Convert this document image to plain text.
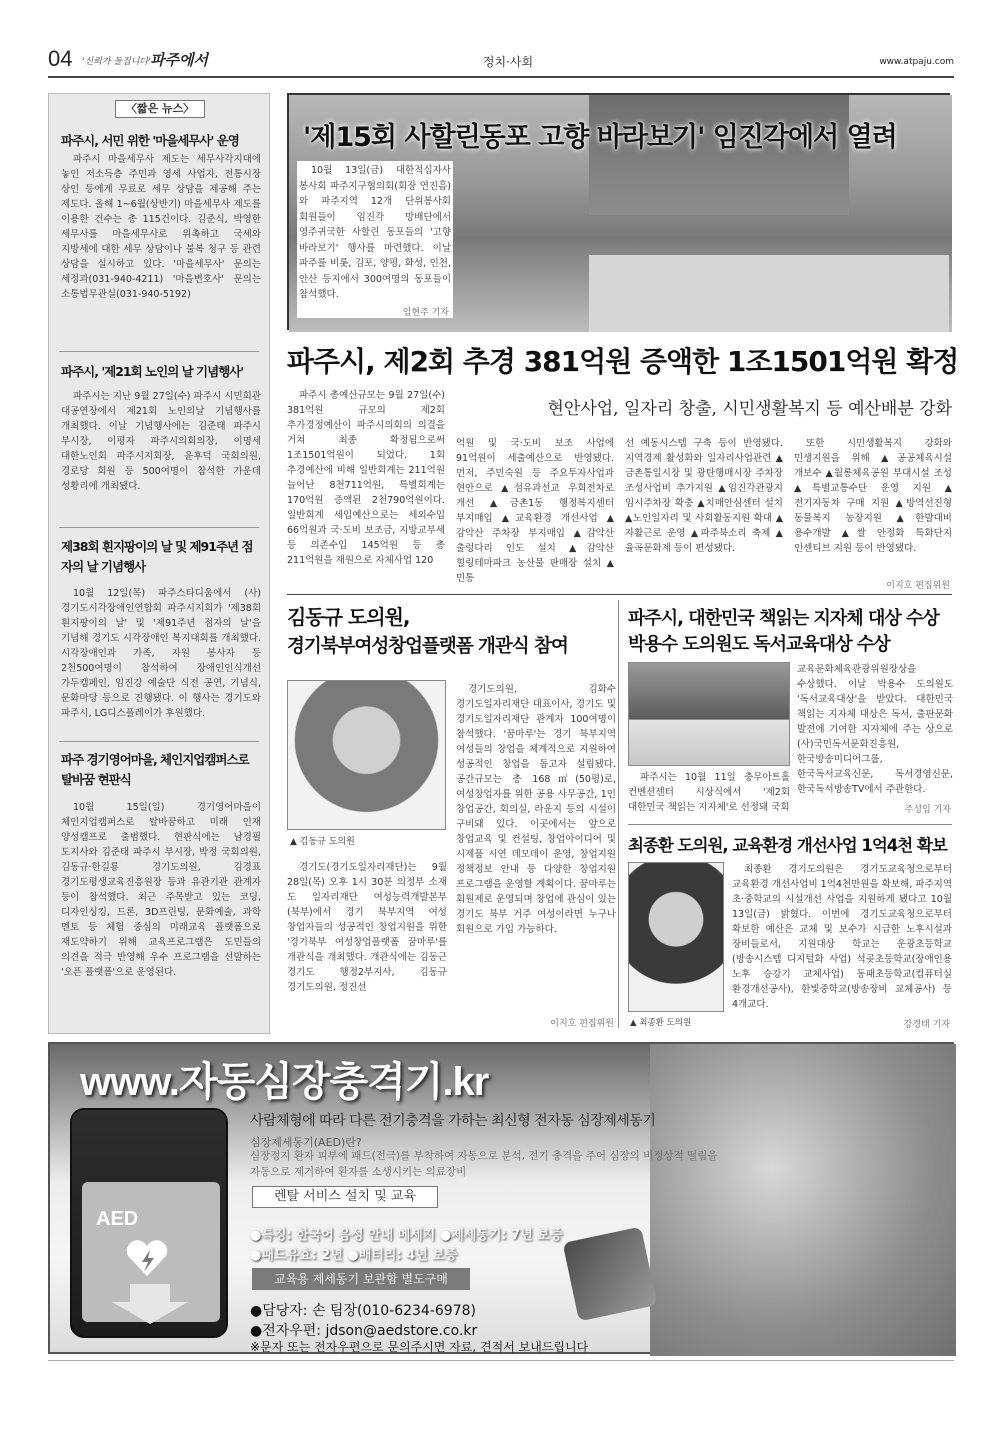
04 '신뢰가 돌집니다' 파주에서	정치·사회	www.atpaju.com
〈짧은 뉴스〉
파주시, 서민 위한 '마을세무사' 운영
파주시 마을세무사 제도는 세무사각지대에 놓인 저소득층 주민과 영세 사업자, 전통시장 상인 등에게 무료로 세무 상담을 제공해 주는 제도다. 올해 1~6월(상반기) 마을세무사 제도를 이용한 건수는 총 115건이다. 김준식, 박영한 세무사를 마을세무사로 위촉하고 국세와 지방세에 대한 세무 상담이나 불복 청구 등 관련 상담을 실시하고 있다. '마을세무사' 문의는 세정과(031-940-4211) '마을변호사' 문의는 소통법무관실(031-940-5192)
파주시, '제21회 노인의 날 기념행사'
파주시는 지난 9월 27일(수) 파주시 시민회관 대공연장에서 제21회 노인의날 기념행사를 개최했다. 이날 기념행사에는 김준태 파주시 부시장, 이평자 파주시의회의장, 이명세 대한노인회 파주시지회장, 윤후덕 국회의원, 경로당 회원 등 500여명이 참석한 가운데 성황리에 개최됐다.
제38회 흰지팡이의 날 및 제91주년 점자의 날 기념행사
10월 12일(목) 파주스타디움에서 (사)경기도시각장애인연합회 파주시지회가 '제38회 흰지팡이의 날' 및 '제91주년 점자의 날'을 기념해 경기도 시각장애인 복지대회를 개최했다. 시각장애인과 가족, 자원 봉사자 등 2천500여명이 참석하여 장애인인식개선 가두캠페인, 임진강 예술단 식전 공연, 기념식, 문화마당 등으로 진행됐다. 이 행사는 경기도와 파주시, LG디스플레이가 후원했다.
파주 경기영어마을, 체인지업캠퍼스로 탈바꿈 현판식
10월 15일(일) 경기영어마을이 체인지업캠퍼스로 탈바꿈하고 미래 인재 양성캠프로 출범했다. 현판식에는 남경필 도지사와 김준태 파주시 부시장, 박정 국회의원, 김동규·한길룡 경기도의원, 김경표 경기도평생교육진흥원장 등과 유관기관 관계자 등이 참석했다. 최근 주목받고 있는 코딩, 디자인싱킹, 드론, 3D프린팅, 문화예술, 과학 멘토 등 체험 중심의 미래교육 플랫폼으로 재도약하기 위해 교육프로그램은 도민들의 의견을 적극 반영해 우수 프로그램을 선발하는 '오픈 플랫폼'으로 운영된다.
'제15회 사할린동포 고향 바라보기' 임진각에서 열려
10월 13일(금) 대한적십자사 봉사회 파주지구협의회(회장 연진흠)와 파주지역 12개 단위봉사회 회원들이 임진각 망배단에서 영주귀국한 사할린 동포들의 '고향 바라보기' 행사를 마련했다. 이날 파주를 비롯, 김포, 양평, 화성, 인천, 안산 등지에서 300여명의 동포들이 참석했다.
임현주 기자
파주시, 제2회 추경 381억원 증액한 1조1501억원 확정
현안사업, 일자리 창출, 시민생활복지 등 예산배분 강화
파주시 총예산규모는 9월 27일(수) 381억원 규모의 제2회 추가경정예산이 파주시의회의 의결을 거쳐 최종 확정됨으로써 1조1501억원이 되었다. 1회 추경예산에 비해 일반회계는 211억원 늘어난 8천711억원, 특별회계는 170억원 증액된 2천790억원이다. 일반회계 세입예산으로는 세외수입 66억원과 국·도비 보조금, 지방교부세 등 의존수입 145억원 등 총 211억원을 재원으로 자체사업 120
억원 및 국·도비 보조 사업에 91억원이 세출예산으로 반영됐다. 먼저, 주민숙원 등 주요투자사업과 현안으로 ▲섬유과선교 우회전차로 개선 ▲금촌1동 행정복지센터 부지매입 ▲교육환경 개선사업 ▲감악산 주차장 부지매입 ▲감악산 출렁다리 인도 설치 ▲감악산 힐링테마파크 농산물 판매장 설치 ▲민통
선 예동시스템 구축 등이 반영됐다. 지역경제 활성화와 일자리사업관련 ▲금촌통일시장 및 광탄행매시장 주차장 조성사업비 추가지원 ▲임진각관광지 임시주차장 확충 ▲치매안심센터 설치 ▲노인일자리 및 사회활동지원 확대 ▲자활근로 운영 ▲파주북소리 축제 ▲율곡문화제 등이 편성됐다.
또한 시민생활복지 강화와 민생지원을 위해 ▲공공체육시설 개보수 ▲월롱체육공원 부대시설 조성 ▲특별교통수단 운영 지원 ▲전기자동차 구매 지원 ▲방역선진형 동물복지 농장지원 ▲한발대비 용수개발 ▲쌀 안정화 특화단지 인센티브 지원 등이 반영됐다.
이지호 편집위원
김동규 도의원,
경기북부여성창업플랫폼 개관식 참여
▲ 김동규 도의원
경기도(경기도일자리재단)는 9월 28일(목) 오후 1시 30분 의정부 소재 도 일자리재단 여성능력개발본부(북부)에서 경기 북부지역 여성 창업자들의 성공적인 창업지원을 위한 '경기북부 여성창업플랫폼 꿈마루'를 개관식을 개최했다. 개관식에는 김동근 경기도 행정2부지사, 김동규 경기도의원, 정진선
경기도의원, 김화수 경기도일자리재단 대표이사, 경기도 및 경기도일자리재단 관계자 100여명이 참석했다. '꿈마루'는 경기 북부지역 여성들의 창업을 체계적으로 지원하여 성공적인 창업을 돕고자 설립됐다. 공간규모는 총 168㎡(50평)로, 여성창업자를 위한 공용 사무공간, 1인 창업공간, 회의실, 라운지 등의 시설이 구비돼 있다. 이곳에서는 앞으로 창업교육 및 컨설팅, 창업아이디어 및 시제품 시연 데모데이 운영, 창업지원 정책정보 안내 등 다양한 창업지원 프로그램을 운영할 계획이다. 꿈마루는 회원제로 운영되며 창업에 관심이 있는 경기도 북부 거주 여성이라면 누구나 회원으로 가입 가능하다.
이지호 편집위원
파주시, 대한민국 책읽는 지자체 대상 수상
박용수 도의원도 독서교육대상 수상
파주시는 10월 11일 충무아트홀 컨벤션센터 시상식에서 '제2회 대한민국 책읽는 지자체'로 선정돼 국회
교육문화체육관광위원장상을 수상했다. 이날 박용수 도의원도 '독서교육대상'을 받았다. 대한민국 책읽는 지자체 대상은 독서, 출판문화 발전에 기여한 지자체에 주는 상으로 (사)국민독서문화진흥원, 한국방송미디어그룹, 한국독서교육신문, 독서경영신문, 한국독서방송TV에서 주관한다.
주성임 기자
최종환 도의원, 교육환경 개선사업 1억4천 확보
▲ 최종환 도의원
최종환 경기도의원은 경기도교육청으로부터 교육환경 개선사업비 1억4천만원을 확보해, 파주지역 초·중학교의 시설개선 사업을 지원하게 됐다고 10월 13일(금) 밝혔다. 이번에 경기도교육청으로부터 확보한 예산은 교체 및 보수가 시급한 노후시설과 장비들로서, 지원대상 학교는 운광초등학교(방송시스템 디지털화 사업) 석곶초등학교(장애인용 노후 승강기 교체사업) 동패초등학교(컴퓨터실 환경개선공사), 한빛중학교(방송장비 교체공사) 등 4개교다.
강경태 기자
www.자동심장충격기.kr
사람체형에 따라 다른 전기충격을 가하는 최신형 전자동 심장제세동기
심장제세동기(AED)란?
심장정지 환자 피부에 패드(전극)를 부착하여 자동으로 분석, 전기 충격을 주어 심장의 비정상적 떨림을 자동으로 제거하여 환자를 소생시키는 의료장비
렌탈 서비스 설치 및 교육
●특징: 한국어 음성 안내 메세지 ●제세동기: 7년 보증
●패드유효: 2년 ●배터리: 4년 보증
교육용 제세동기 보관함 별도구매
●담당자: 손 팀장(010-6234-6978)
●전자우편: jdson@aedstore.co.kr
※문자 또는 전자우편으로 문의주시면 자료, 견적서 보내드립니다
AED
